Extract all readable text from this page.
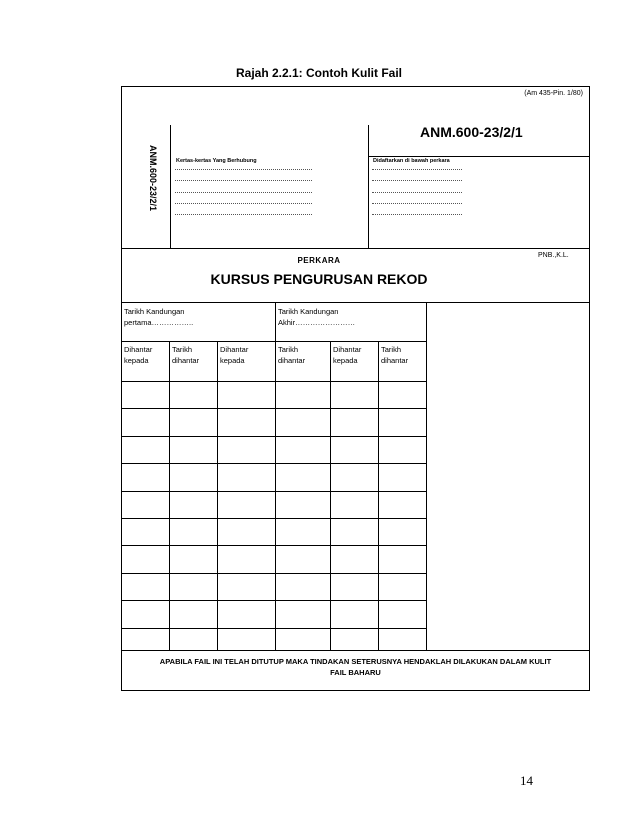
Rajah 2.2.1: Contoh Kulit Fail
(Am 435-Pin. 1/80)
ANM.600-23/2/1
ANM.600-23/2/1
Kertas-kertas Yang Berhubung	Didaftarkan di bawah perkara
PERKARA
PNB.,K.L.
KURSUS PENGURUSAN REKOD
Tarikh Kandungan
pertama……………..
Tarikh Kandungan
Akhir……………………
Dihantar
kepada
Tarikh
dihantar
Dihantar
kepada
Tarikh
dihantar
Dihantar
kepada
Tarikh
dihantar
APABILA FAIL INI TELAH DITUTUP MAKA TINDAKAN SETERUSNYA HENDAKLAH DILAKUKAN DALAM KULIT
FAIL BAHARU
14
